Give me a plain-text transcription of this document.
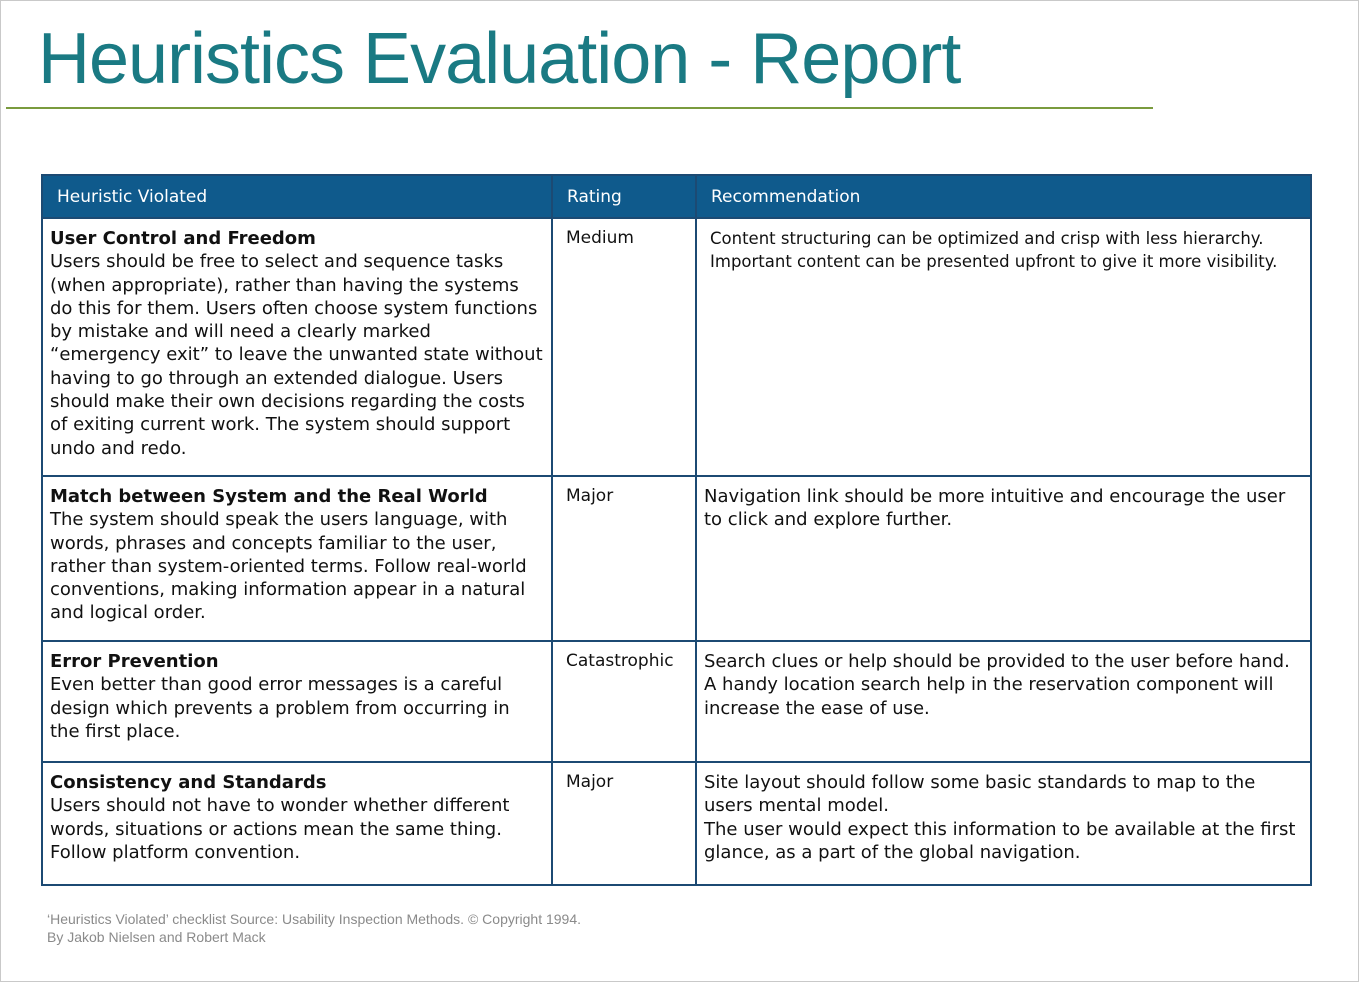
Heuristics Evaluation - Report
Heuristic Violated	Rating	Recommendation

User Control and Freedom
Users should be free to select and sequence tasks (when appropriate), rather than having the systems do this for them. Users often choose system functions by mistake and will need a clearly marked “emergency exit” to leave the unwanted state without having to go through an extended dialogue. Users should make their own decisions regarding the costs of exiting current work. The system should support undo and redo.	Medium	Content structuring can be optimized and crisp with less hierarchy. Important content can be presented upfront to give it more visibility.

Match between System and the Real World
The system should speak the users language, with words, phrases and concepts familiar to the user, rather than system-oriented terms. Follow real-world conventions, making information appear in a natural and logical order.	Major	Navigation link should be more intuitive and encourage the user to click and explore further.

Error Prevention
Even better than good error messages is a careful design which prevents a problem from occurring in the first place.	Catastrophic	Search clues or help should be provided to the user before hand.
A handy location search help in the reservation component will increase the ease of use.

Consistency and Standards
Users should not have to wonder whether different words, situations or actions mean the same thing. Follow platform convention.	Major	Site layout should follow some basic standards to map to the users mental model.
The user would expect this information to be available at the first glance, as a part of the global navigation.
‘Heuristics Violated’ checklist Source: Usability Inspection Methods. © Copyright 1994.
By Jakob Nielsen and Robert Mack
